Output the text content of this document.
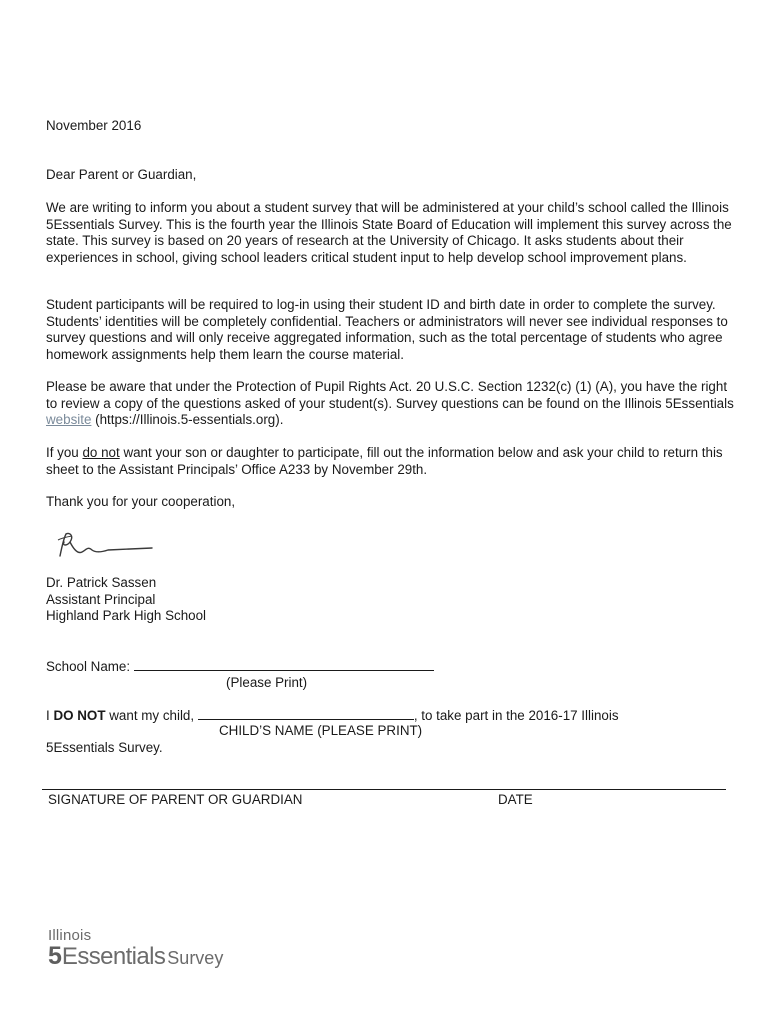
November 2016

Dear Parent or Guardian,

We are writing to inform you about a student survey that will be administered at your child’s school called the Illinois 5Essentials Survey. This is the fourth year the Illinois State Board of Education will implement this survey across the state. This survey is based on 20 years of research at the University of Chicago. It asks students about their experiences in school, giving school leaders critical student input to help develop school improvement plans.

Student participants will be required to log-in using their student ID and birth date in order to complete the survey. Students’ identities will be completely confidential. Teachers or administrators will never see individual responses to survey questions and will only receive aggregated information, such as the total percentage of students who agree homework assignments help them learn the course material.

Please be aware that under the Protection of Pupil Rights Act. 20 U.S.C. Section 1232(c) (1) (A), you have the right to review a copy of the questions asked of your student(s). Survey questions can be found on the Illinois 5Essentials website (https://Illinois.5-essentials.org).

If you do not want your son or daughter to participate, fill out the information below and ask your child to return this sheet to the Assistant Principals’ Office A233 by November 29th.

Thank you for your cooperation,

Dr. Patrick Sassen
Assistant Principal
Highland Park High School

School Name:

(Please Print)

I DO NOT want my child,	, to take part in the 2016-17 Illinois

CHILD’S NAME (PLEASE PRINT)

5Essentials Survey.

SIGNATURE OF PARENT OR GUARDIAN	DATE
Illinois
5Essentials Survey
